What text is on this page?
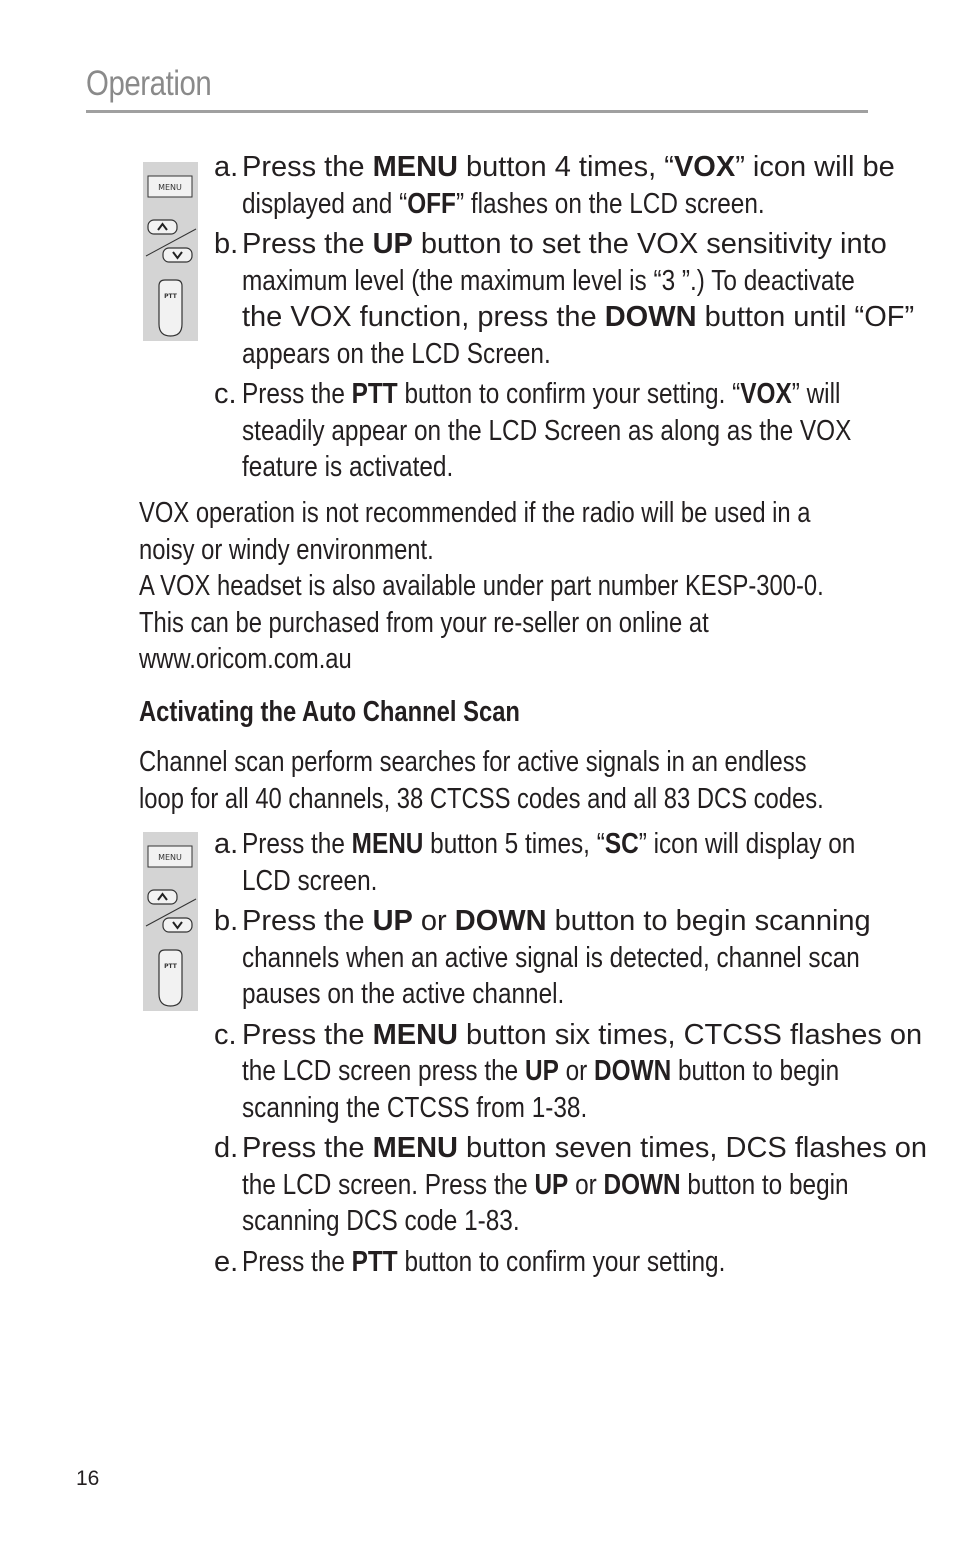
Operation
MENU
PTT
a. Press the MENU button 4 times, “VOX” icon will be
displayed and “OFF” flashes on the LCD screen.
b. Press the UP button to set the VOX sensitivity into
maximum level (the maximum level is “3 ”.) To deactivate
the VOX function, press the DOWN button until “OF”
appears on the LCD Screen.
c. Press the PTT button to confirm your setting. “VOX” will
steadily appear on the LCD Screen as along as the VOX
feature is activated.
VOX operation is not recommended if the radio will be used in a
noisy or windy environment.
A VOX headset is also available under part number KESP-300-0.
This can be purchased from your re-seller on online at
www.oricom.com.au
Activating the Auto Channel Scan
Channel scan perform searches for active signals in an endless
loop for all 40 channels, 38 CTCSS codes and all 83 DCS codes.
MENU
PTT
a. Press the MENU button 5 times, “SC” icon will display on
LCD screen.
b. Press the UP or DOWN button to begin scanning
channels when an active signal is detected, channel scan
pauses on the active channel.
c. Press the MENU button six times, CTCSS flashes on
the LCD screen press the UP or DOWN button to begin
scanning the CTCSS from 1-38.
d. Press the MENU button seven times, DCS flashes on
the LCD screen. Press the UP or DOWN button to begin
scanning DCS code 1-83.
e. Press the PTT button to confirm your setting.
16
